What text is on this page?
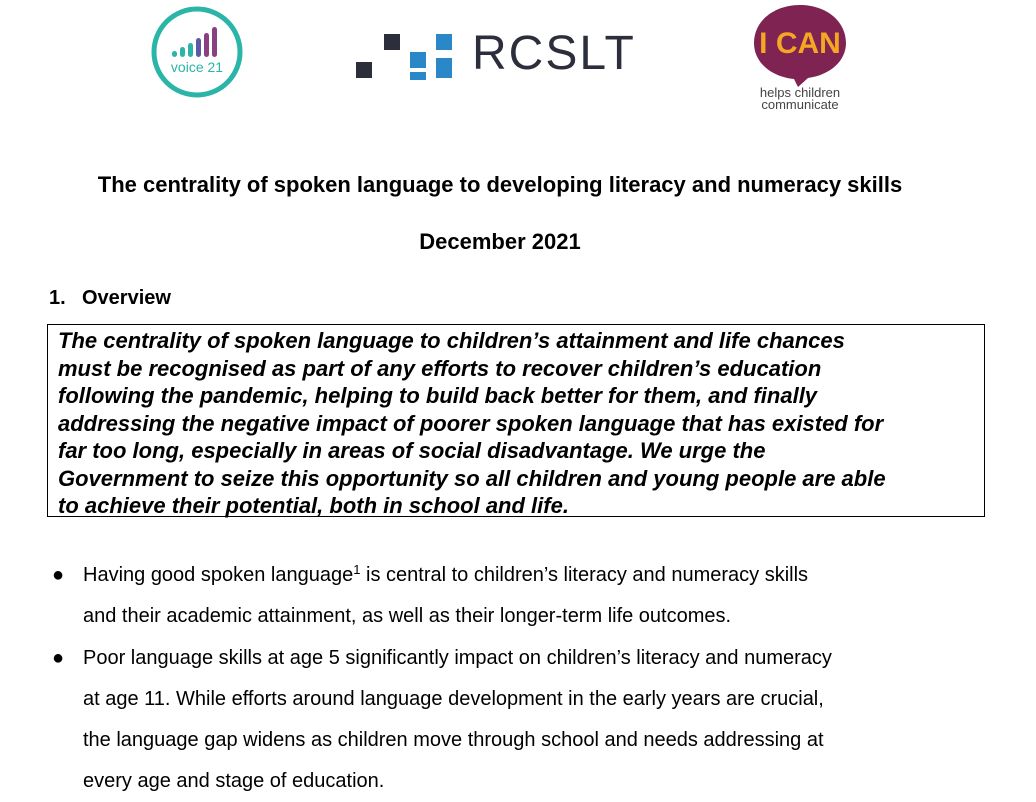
voice 21	RCSLT	I CAN
helps children
communicate
The centrality of spoken language to developing literacy and numeracy skills
December 2021
1. Overview

The centrality of spoken language to children’s attainment and life chances
must be recognised as part of any efforts to recover children’s education
following the pandemic, helping to build back better for them, and finally
addressing the negative impact of poorer spoken language that has existed for
far too long, especially in areas of social disadvantage. We urge the
Government to seize this opportunity so all children and young people are able
to achieve their potential, both in school and life.

● Having good spoken language$^1$ is central to children’s literacy and numeracy skills
and their academic attainment, as well as their longer-term life outcomes.
● Poor language skills at age 5 significantly impact on children’s literacy and numeracy
at age 11. While efforts around language development in the early years are crucial,
the language gap widens as children move through school and needs addressing at
every age and stage of education.
